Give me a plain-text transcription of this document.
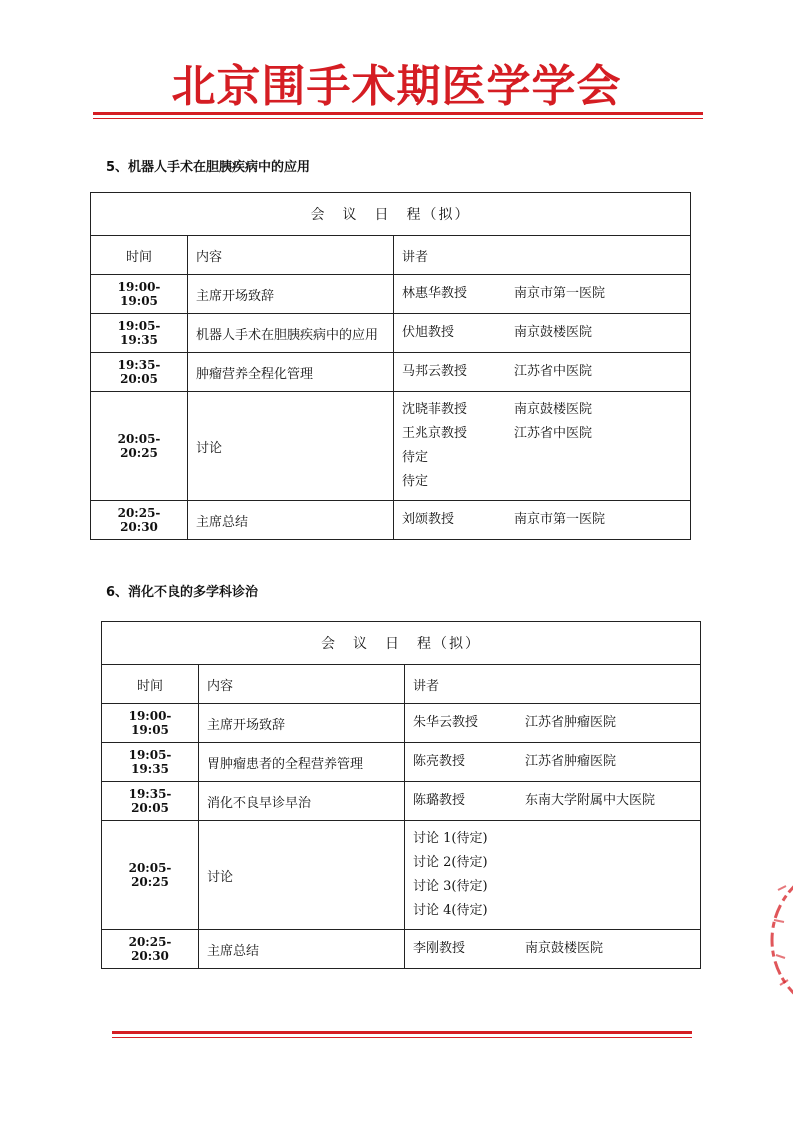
北京围手术期医学学会
5、机器人手术在胆胰疾病中的应用
会　议　日　程（拟）		
时间	内容	讲者
19:00-19:05	主席开场致辞	林惠华教授 南京市第一医院

19:05-19:35	机器人手术在胆胰疾病中的应用	伏旭教授 南京鼓楼医院

19:35-20:05	肿瘤营养全程化管理	马邦云教授 江苏省中医院

20:05-20:25	讨论	沈晓菲教授 南京鼓楼医院
王兆京教授 江苏省中医院
待定
待定

20:25-20:30	主席总结	刘颂教授 南京市第一医院
6、消化不良的多学科诊治
会　议　日　程（拟）		
时间	内容	讲者
19:00-19:05	主席开场致辞	朱华云教授 江苏省肿瘤医院

19:05-19:35	胃肿瘤患者的全程营养管理	陈亮教授 江苏省肿瘤医院

19:35-20:05	消化不良早诊早治	陈璐教授 东南大学附属中大医院

20:05-20:25	讨论	讨论 1(待定)
讨论 2(待定)
讨论 3(待定)
讨论 4(待定)

20:25-20:30	主席总结	李刚教授 南京鼓楼医院
